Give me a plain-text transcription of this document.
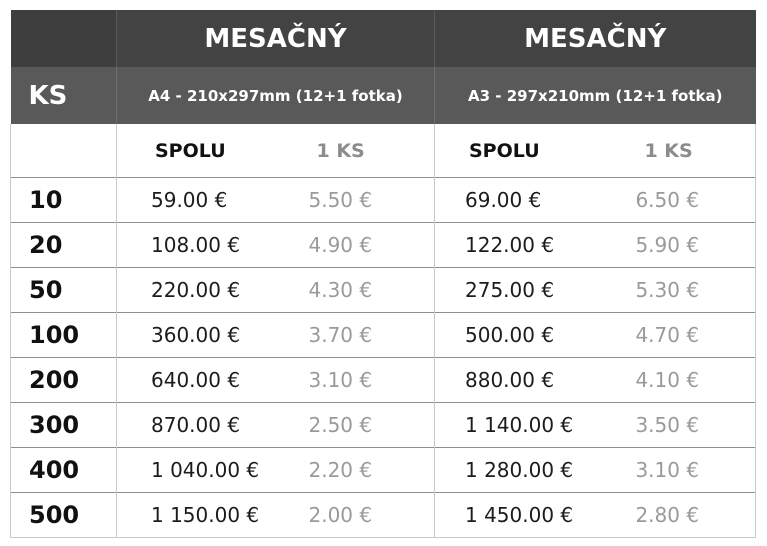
	MESAČNÝ	MESAČNÝ
KS	A4 - 210x297mm (12+1 fotka)	A3 - 297x210mm (12+1 fotka)

	SPOLU 1 KS	SPOLU 1 KS

10	59.00 € 5.50 €	69.00 € 6.50 €

20	108.00 € 4.90 €	122.00 € 5.90 €

50	220.00 € 4.30 €	275.00 € 5.30 €

100	360.00 € 3.70 €	500.00 € 4.70 €

200	640.00 € 3.10 €	880.00 € 4.10 €

300	870.00 € 2.50 €	1 140.00 € 3.50 €

400	1 040.00 € 2.20 €	1 280.00 € 3.10 €

500	1 150.00 € 2.00 €	1 450.00 € 2.80 €
